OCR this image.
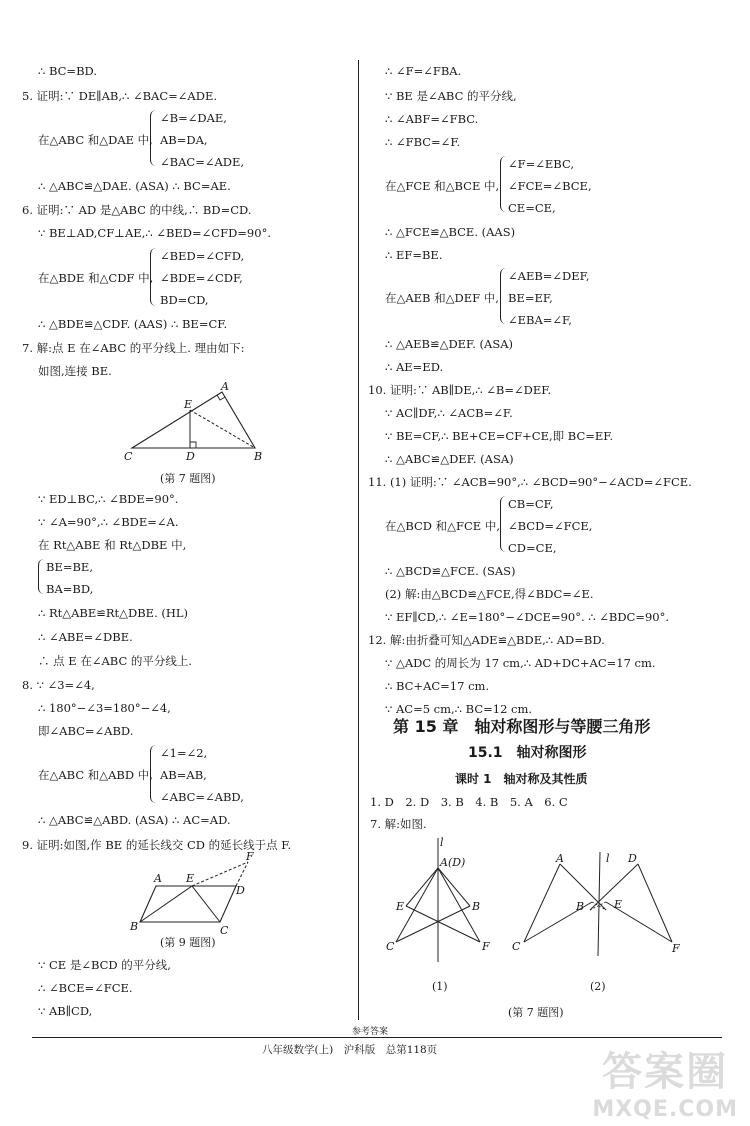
∴ BC=BD.
5. 证明:∵ DE∥AB,∴ ∠BAC=∠ADE.
∠B=∠DAE,
在△ABC 和△DAE 中, AB=DA,
∠BAC=∠ADE,
∴ △ABC≌△DAE. (ASA) ∴ BC=AE.
6. 证明:∵ AD 是△ABC 的中线,∴ BD=CD.
∵ BE⊥AD,CF⊥AE,∴ ∠BED=∠CFD=90°.
∠BED=∠CFD,
在△BDE 和△CDF 中, ∠BDE=∠CDF,
BD=CD,
∴ △BDE≌△CDF. (AAS) ∴ BE=CF.
7. 解:点 E 在∠ABC 的平分线上. 理由如下:
如图,连接 BE.
A
E
C	D	B
(第 7 题图)
∵ ED⊥BC,∴ ∠BDE=90°.
∵ ∠A=90°,∴ ∠BDE=∠A.
在 Rt△ABE 和 Rt△DBE 中,
BE=BE,
BA=BD,
∴ Rt△ABE≌Rt△DBE. (HL)
∴ ∠ABE=∠DBE.
∴ 点 E 在∠ABC 的平分线上.
8. ∵ ∠3=∠4,
∴ 180°−∠3=180°−∠4,
即∠ABC=∠ABD.
∠1=∠2,
在△ABC 和△ABD 中, AB=AB,
∠ABC=∠ABD,
∴ △ABC≌△ABD. (ASA) ∴ AC=AD.
9. 证明:如图,作 BE 的延长线交 CD 的延长线于点 F.
A E
D
F
B	C
(第 9 题图)
∵ CE 是∠BCD 的平分线,
∴ ∠BCE=∠FCE.
∵ AB∥CD,
∴ ∠F=∠FBA.
∵ BE 是∠ABC 的平分线,
∴ ∠ABF=∠FBC.
∴ ∠FBC=∠F.
∠F=∠EBC,
在△FCE 和△BCE 中, ∠FCE=∠BCE,
CE=CE,
∴ △FCE≌△BCE. (AAS)
∴ EF=BE.
∠AEB=∠DEF,
在△AEB 和△DEF 中, BE=EF,
∠EBA=∠F,
∴ △AEB≌△DEF. (ASA)
∴ AE=ED.
10. 证明:∵ AB∥DE,∴ ∠B=∠DEF.
∵ AC∥DF,∴ ∠ACB=∠F.
∵ BE=CF,∴ BE+CE=CF+CE,即 BC=EF.
∴ △ABC≌△DEF. (ASA)
11. (1) 证明:∵ ∠ACB=90°,∴ ∠BCD=90°−∠ACD=∠FCE.
CB=CF,
在△BCD 和△FCE 中, ∠BCD=∠FCE,
CD=CE,
∴ △BCD≌△FCE. (SAS)
(2) 解:由△BCD≌△FCE,得∠BDC=∠E.
∵ EF∥CD,∴ ∠E=180°−∠DCE=90°. ∴ ∠BDC=90°.
12. 解:由折叠可知△ADE≌△BDE,∴ AD=BD.
∵ △ADC 的周长为 17 cm,∴ AD+DC+AC=17 cm.
∴ BC+AC=17 cm.
∵ AC=5 cm,∴ BC=12 cm.
第 15 章　轴对称图形与等腰三角形
15.1　轴对称图形
课时 1　轴对称及其性质
1. D　2. D　3. B　4. B　5. A　6. C
7. 解:如图.
l
A(D)
E	B
C	F
(1)
l
A	D
B	E
C	F
(2)
(第 7 题图)
参考答案
八年级数学(上)　沪科版　总第118页	答案圈
MXQE.COM
